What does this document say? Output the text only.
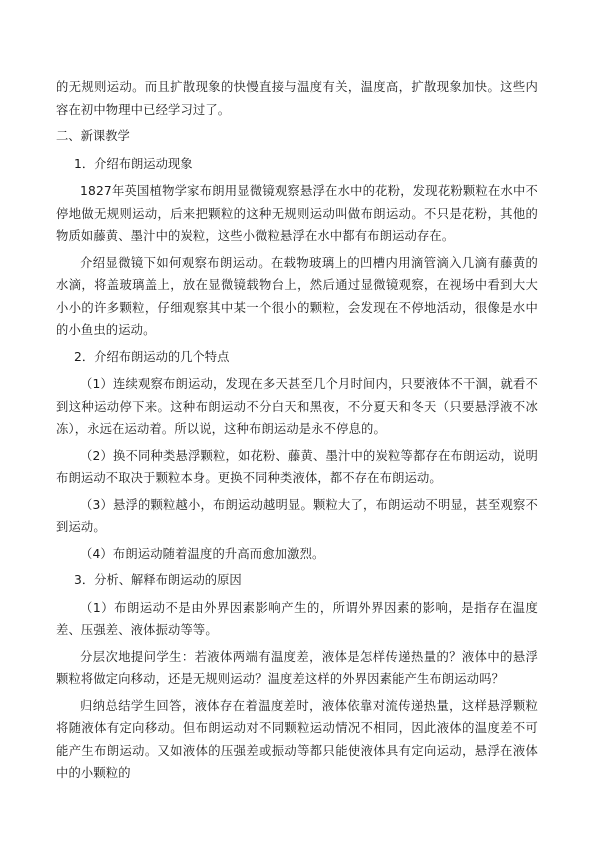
的无规则运动。而且扩散现象的快慢直接与温度有关，温度高，扩散现象加快。这些内容在初中物理中已经学习过了。

二、新课教学

1．介绍布朗运动现象

1827年英国植物学家布朗用显微镜观察悬浮在水中的花粉，发现花粉颗粒在水中不停地做无规则运动，后来把颗粒的这种无规则运动叫做布朗运动。不只是花粉，其他的物质如藤黄、墨汁中的炭粒，这些小微粒悬浮在水中都有布朗运动存在。

介绍显微镜下如何观察布朗运动。在载物玻璃上的凹槽内用滴管滴入几滴有藤黄的水滴，将盖玻璃盖上，放在显微镜载物台上，然后通过显微镜观察，在视场中看到大大小小的许多颗粒，仔细观察其中某一个很小的颗粒，会发现在不停地活动，很像是水中的小鱼虫的运动。

2．介绍布朗运动的几个特点

（1）连续观察布朗运动，发现在多天甚至几个月时间内，只要液体不干涸，就看不到这种运动停下来。这种布朗运动不分白天和黑夜，不分夏天和冬天（只要悬浮液不冰冻），永远在运动着。所以说，这种布朗运动是永不停息的。

（2）换不同种类悬浮颗粒，如花粉、藤黄、墨汁中的炭粒等都存在布朗运动，说明布朗运动不取决于颗粒本身。更换不同种类液体，都不存在布朗运动。

（3）悬浮的颗粒越小，布朗运动越明显。颗粒大了，布朗运动不明显，甚至观察不到运动。

（4）布朗运动随着温度的升高而愈加激烈。

3．分析、解释布朗运动的原因

（1）布朗运动不是由外界因素影响产生的，所谓外界因素的影响，是指存在温度差、压强差、液体振动等等。

分层次地提问学生：若液体两端有温度差，液体是怎样传递热量的？液体中的悬浮颗粒将做定向移动，还是无规则运动？温度差这样的外界因素能产生布朗运动吗？

归纳总结学生回答，液体存在着温度差时，液体依靠对流传递热量，这样悬浮颗粒将随液体有定向移动。但布朗运动对不同颗粒运动情况不相同，因此液体的温度差不可能产生布朗运动。又如液体的压强差或振动等都只能使液体具有定向运动，悬浮在液体中的小颗粒的
